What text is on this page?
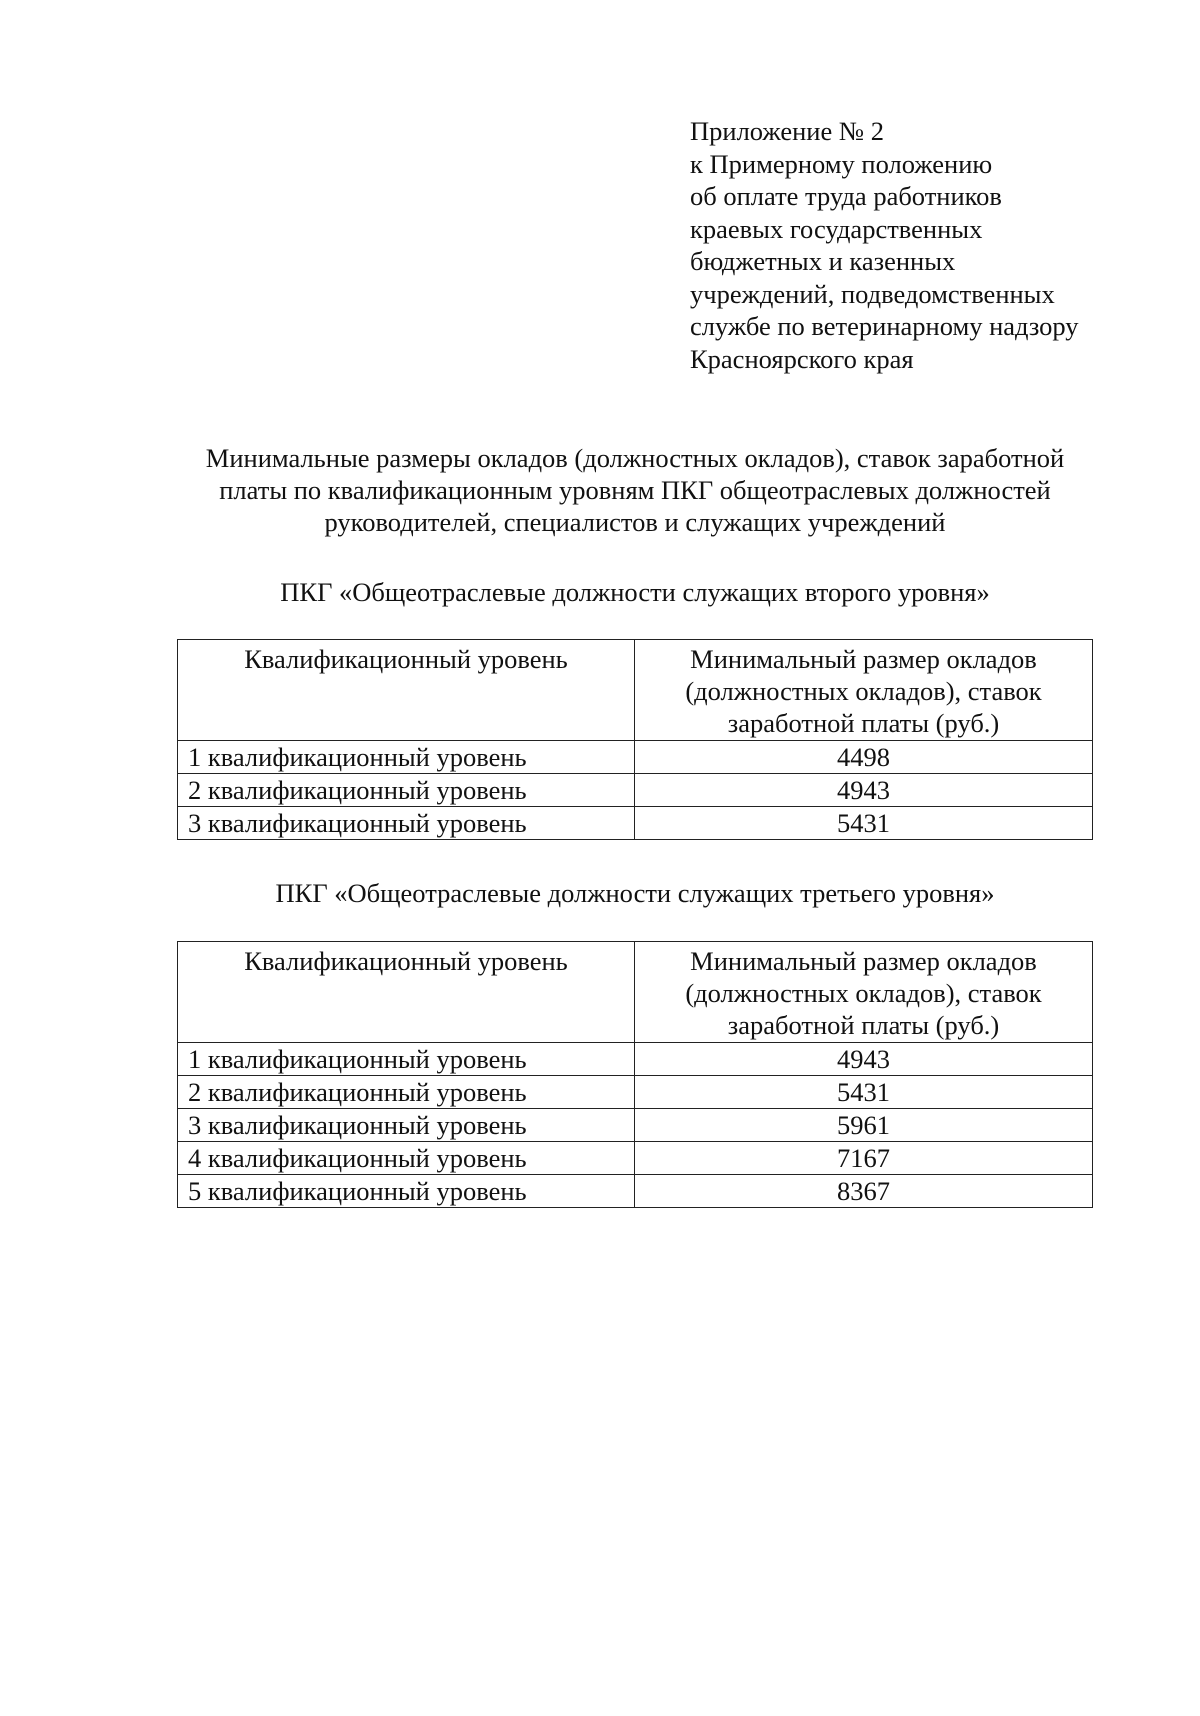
Приложение № 2
к Примерному положению
об оплате труда работников
краевых государственных
бюджетных и казенных
учреждений, подведомственных
службе по ветеринарному надзору
Красноярского края
Минимальные размеры окладов (должностных окладов), ставок заработной
платы по квалификационным уровням ПКГ общеотраслевых должностей
руководителей, специалистов и служащих учреждений
ПКГ «Общеотраслевые должности служащих второго уровня»
Квалификационный уровень	Минимальный размер окладов
(должностных окладов), ставок
заработной платы (руб.)

1 квалификационный уровень	4498
2 квалификационный уровень	4943
3 квалификационный уровень	5431
ПКГ «Общеотраслевые должности служащих третьего уровня»
Квалификационный уровень	Минимальный размер окладов
(должностных окладов), ставок
заработной платы (руб.)

1 квалификационный уровень	4943
2 квалификационный уровень	5431
3 квалификационный уровень	5961
4 квалификационный уровень	7167
5 квалификационный уровень	8367
